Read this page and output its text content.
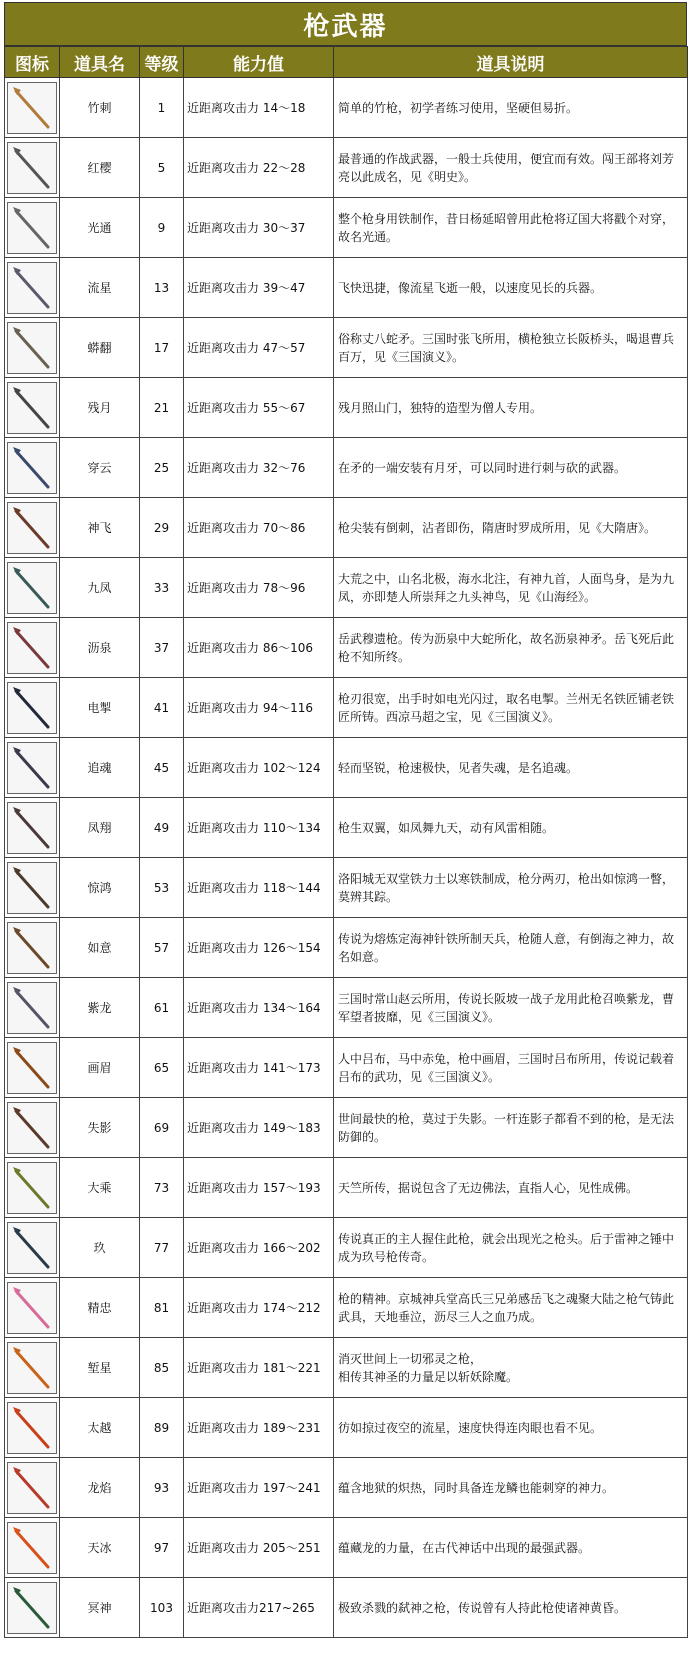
枪武器
图标	道具名	等级	能力值	道具说明

	竹刺	1	近距离攻击力 14～18	简单的竹枪，初学者练习使用，坚硬但易折。

	红樱	5	近距离攻击力 22～28	最普通的作战武器，一般士兵使用，便宜而有效。闯王部将刘芳亮以此成名，见《明史》。

	光通	9	近距离攻击力 30～37	整个枪身用铁制作，昔日杨延昭曾用此枪将辽国大将戳个对穿，故名光通。

	流星	13	近距离攻击力 39～47	飞快迅捷，像流星飞逝一般，以速度见长的兵器。

	蟒翻	17	近距离攻击力 47～57	俗称丈八蛇矛。三国时张飞所用，横枪独立长阪桥头，喝退曹兵百万，见《三国演义》。

	残月	21	近距离攻击力 55～67	残月照山门，独特的造型为僧人专用。

	穿云	25	近距离攻击力 32～76	在矛的一端安装有月牙，可以同时进行刺与砍的武器。

	神飞	29	近距离攻击力 70～86	枪尖装有倒刺，沾者即伤，隋唐时罗成所用，见《大隋唐》。

	九凤	33	近距离攻击力 78～96	大荒之中，山名北极，海水北注，有神九首，人面鸟身，是为九凤，亦即楚人所崇拜之九头神鸟，见《山海经》。

	沥泉	37	近距离攻击力 86～106	岳武穆遗枪。传为沥泉中大蛇所化，故名沥泉神矛。岳飞死后此枪不知所终。

	电掣	41	近距离攻击力 94～116	枪刃很宽，出手时如电光闪过，取名电掣。兰州无名铁匠铺老铁匠所铸。西凉马超之宝，见《三国演义》。

	追魂	45	近距离攻击力 102～124	轻而坚锐，枪速极快，见者失魂，是名追魂。

	凤翔	49	近距离攻击力 110～134	枪生双翼，如凤舞九天，动有风雷相随。

	惊鸿	53	近距离攻击力 118～144	洛阳城无双堂铁力士以寒铁制成，枪分两刃，枪出如惊鸿一瞥，莫辨其踪。

	如意	57	近距离攻击力 126～154	传说为熔炼定海神针铁所制天兵，枪随人意，有倒海之神力，故名如意。

	紫龙	61	近距离攻击力 134～164	三国时常山赵云所用，传说长阪坡一战子龙用此枪召唤紫龙，曹军望者披靡，见《三国演义》。

	画眉	65	近距离攻击力 141～173	人中吕布，马中赤兔，枪中画眉，三国时吕布所用，传说记载着吕布的武功，见《三国演义》。

	失影	69	近距离攻击力 149～183	世间最快的枪，莫过于失影。一杆连影子都看不到的枪，是无法防御的。

	大乘	73	近距离攻击力 157～193	天竺所传，据说包含了无边佛法，直指人心，见性成佛。

	玖	77	近距离攻击力 166～202	传说真正的主人握住此枪，就会出现光之枪头。后于雷神之锤中成为玖号枪传奇。

	精忠	81	近距离攻击力 174～212	枪的精神。京城神兵堂高氏三兄弟感岳飞之魂聚大陆之枪气铸此武具，天地垂泣，沥尽三人之血乃成。

	堑星	85	近距离攻击力 181～221	消灭世间上一切邪灵之枪，
相传其神圣的力量足以斩妖除魔。

	太越	89	近距离攻击力 189～231	彷如掠过夜空的流星，速度快得连肉眼也看不见。

	龙焰	93	近距离攻击力 197～241	蕴含地狱的炽热，同时具备连龙鳞也能刺穿的神力。

	天冰	97	近距离攻击力 205～251	蕴藏龙的力量，在古代神话中出现的最强武器。

	冥神	103	近距离攻击力217~265	极致杀戮的弑神之枪，传说曾有人持此枪使诸神黄昏。
